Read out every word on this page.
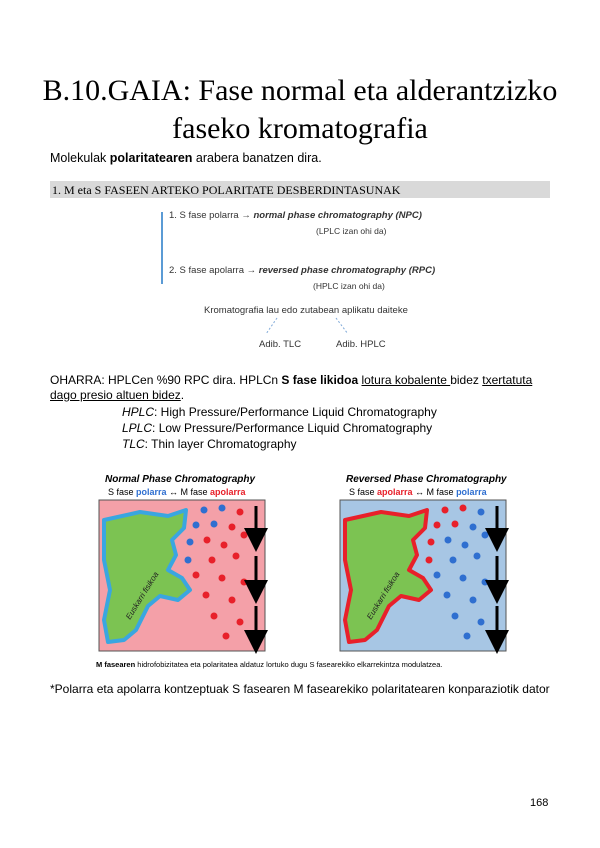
B.10.GAIA: Fase normal eta alderantzizko
faseko kromatografia
Molekulak polaritatearen arabera banatzen dira.
1. M eta S FASEEN ARTEKO POLARITATE DESBERDINTASUNAK
1. S fase polarra → normal phase chromatography (NPC)
(LPLC izan ohi da)
2. S fase apolarra → reversed phase chromatography (RPC)
(HPLC izan ohi da)
Kromatografia lau edo zutabean aplikatu daiteke
Adib. TLC	Adib. HPLC
OHARRA: HPLCen %90 RPC dira. HPLCn S fase likidoa lotura kobalente bidez txertatuta dago presio altuen bidez.
HPLC: High Pressure/Performance Liquid Chromatography
LPLC: Low Pressure/Performance Liquid Chromatography
TLC: Thin layer Chromatography
Normal Phase Chromatography
S fase polarra ↔ M fase apolarra
Reversed Phase Chromatography
S fase apolarra ↔ M fase polarra
Euskarri fisikoa	Euskarri fisikoa
M fasearen hidrofobizitatea eta polaritatea aldatuz lortuko dugu S fasearekiko elkarrekintza modulatzea.
*Polarra eta apolarra kontzeptuak S fasearen M fasearekiko polaritatearen konparaziotik dator
168
